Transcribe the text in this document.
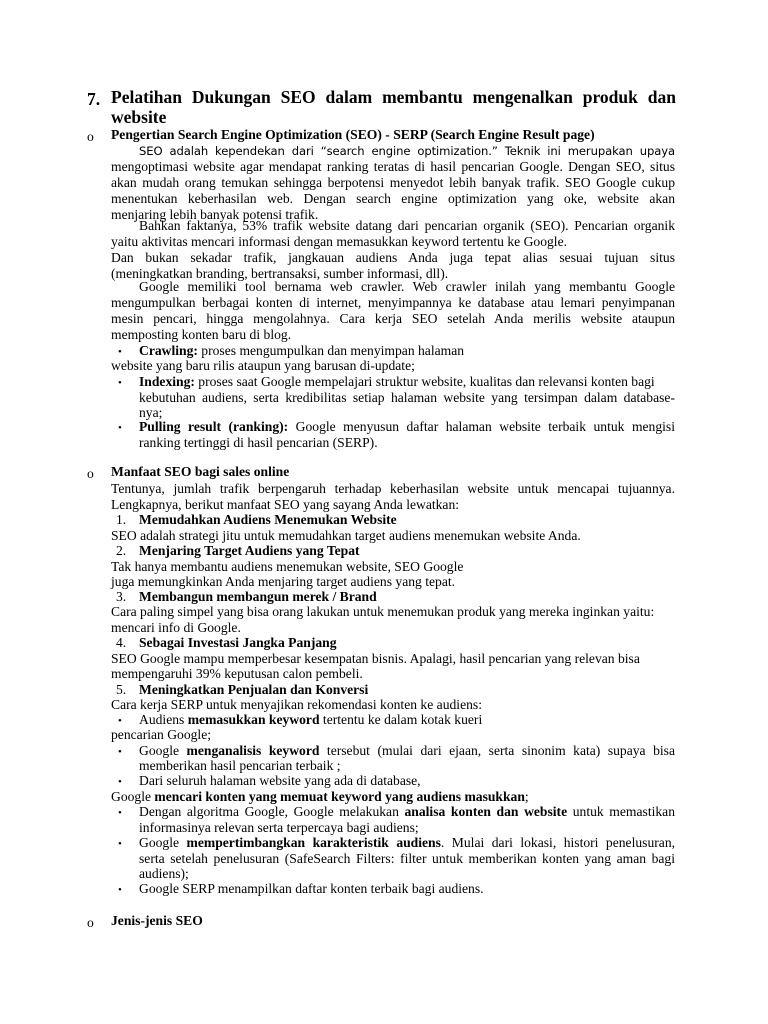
7. Pelatihan Dukungan SEO dalam membantu mengenalkan produk dan
website
o Pengertian Search Engine Optimization (SEO) - SERP (Search Engine Result page)
SEO adalah kependekan dari “search engine optimization.” Teknik ini merupakan upaya
mengoptimasi website agar mendapat ranking teratas di hasil pencarian Google. Dengan SEO, situs
akan mudah orang temukan sehingga berpotensi menyedot lebih banyak trafik. SEO Google cukup
menentukan keberhasilan web. Dengan search engine optimization yang oke, website akan
menjaring lebih banyak potensi trafik.
Bahkan faktanya, 53% trafik website datang dari pencarian organik (SEO). Pencarian organik
yaitu aktivitas mencari informasi dengan memasukkan keyword tertentu ke Google.
Dan bukan sekadar trafik, jangkauan audiens Anda juga tepat alias sesuai tujuan situs
(meningkatkan branding, bertransaksi, sumber informasi, dll).
Google memiliki tool bernama web crawler. Web crawler inilah yang membantu Google
mengumpulkan berbagai konten di internet, menyimpannya ke database atau lemari penyimpanan
mesin pencari, hingga mengolahnya. Cara kerja SEO setelah Anda merilis website ataupun
memposting konten baru di blog.
• Crawling: proses mengumpulkan dan menyimpan halaman
website yang baru rilis ataupun yang barusan di-update;
• Indexing: proses saat Google mempelajari struktur website, kualitas dan relevansi konten bagi
kebutuhan audiens, serta kredibilitas setiap halaman website yang tersimpan dalam database-
nya;
• Pulling result (ranking): Google menyusun daftar halaman website terbaik untuk mengisi
ranking tertinggi di hasil pencarian (SERP).
o Manfaat SEO bagi sales online
Tentunya, jumlah trafik berpengaruh terhadap keberhasilan website untuk mencapai tujuannya.
Lengkapnya, berikut manfaat SEO yang sayang Anda lewatkan:
1. Memudahkan Audiens Menemukan Website
SEO adalah strategi jitu untuk memudahkan target audiens menemukan website Anda.
2. Menjaring Target Audiens yang Tepat
Tak hanya membantu audiens menemukan website, SEO Google
juga memungkinkan Anda menjaring target audiens yang tepat.
3. Membangun membangun merek / Brand
Cara paling simpel yang bisa orang lakukan untuk menemukan produk yang mereka inginkan yaitu:
mencari info di Google.
4. Sebagai Investasi Jangka Panjang
SEO Google mampu memperbesar kesempatan bisnis. Apalagi, hasil pencarian yang relevan bisa
mempengaruhi 39% keputusan calon pembeli.
5. Meningkatkan Penjualan dan Konversi
Cara kerja SERP untuk menyajikan rekomendasi konten ke audiens:
• Audiens memasukkan keyword tertentu ke dalam kotak kueri
pencarian Google;
• Google menganalisis keyword tersebut (mulai dari ejaan, serta sinonim kata) supaya bisa
memberikan hasil pencarian terbaik ;
• Dari seluruh halaman website yang ada di database,
Google mencari konten yang memuat keyword yang audiens masukkan;
• Dengan algoritma Google, Google melakukan analisa konten dan website untuk memastikan
informasinya relevan serta terpercaya bagi audiens;
• Google mempertimbangkan karakteristik audiens. Mulai dari lokasi, histori penelusuran,
serta setelah penelusuran (SafeSearch Filters: filter untuk memberikan konten yang aman bagi
audiens);
• Google SERP menampilkan daftar konten terbaik bagi audiens.
o Jenis-jenis SEO
